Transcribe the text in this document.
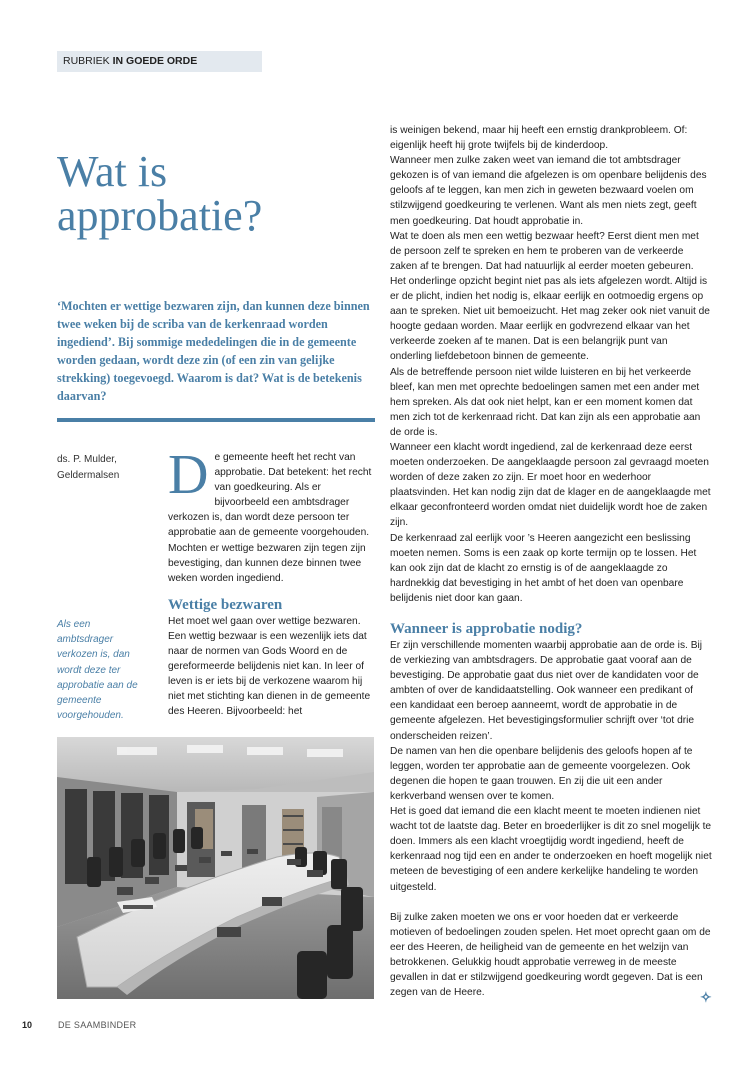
RUBRIEK IN GOEDE ORDE
Wat is approbatie?

‘Mochten er wettige bezwaren zijn, dan kunnen deze binnen twee weken bij de scriba van de kerkenraad worden ingediend’. Bij sommige mededelingen die in de gemeente worden gedaan, wordt deze zin (of een zin van gelijke strekking) toegevoegd. Waarom is dat? Wat is de betekenis daarvan?

ds. P. Mulder,
Geldermalsen

Als een ambtsdrager verkozen is, dan wordt deze ter approbatie aan de gemeente voorgehouden.

De gemeente heeft het recht van approbatie. Dat betekent: het recht van goedkeuring. Als er bijvoorbeeld een ambtsdrager verkozen is, dan wordt deze persoon ter approbatie aan de gemeente voorgehouden. Mochten er wettige bezwaren zijn tegen zijn bevestiging, dan kunnen deze binnen twee weken worden ingediend.

Wettige bezwaren

Het moet wel gaan over wettige bezwaren. Een wettig bezwaar is een wezenlijk iets dat naar de normen van Gods Woord en de gereformeerde belijdenis niet kan. In leer of leven is er iets bij de verkozene waarom hij niet met stichting kan dienen in de gemeente des Heeren. Bijvoorbeeld: het

is weinigen bekend, maar hij heeft een ernstig drankprobleem. Of: eigenlijk heeft hij grote twijfels bij de kinderdoop.

Wanneer men zulke zaken weet van iemand die tot ambtsdrager gekozen is of van iemand die afgelezen is om openbare belijdenis des geloofs af te leggen, kan men zich in geweten bezwaard voelen om stilzwijgend goedkeuring te verlenen. Want als men niets zegt, geeft men goedkeuring. Dat houdt approbatie in.

Wat te doen als men een wettig bezwaar heeft? Eerst dient men met de persoon zelf te spreken en hem te proberen van de verkeerde zaken af te brengen. Dat had natuurlijk al eerder moeten gebeuren. Het onderlinge opzicht begint niet pas als iets afgelezen wordt. Altijd is er de plicht, indien het nodig is, elkaar eerlijk en ootmoedig ergens op aan te spreken. Niet uit bemoeizucht. Het mag zeker ook niet vanuit de hoogte gedaan worden. Maar eerlijk en godvrezend elkaar van het verkeerde zoeken af te manen. Dat is een belangrijk punt van onderling liefdebetoon binnen de gemeente.

Als de betreffende persoon niet wilde luisteren en bij het verkeerde bleef, kan men met oprechte bedoelingen samen met een ander met hem spreken. Als dat ook niet helpt, kan er een moment komen dat men zich tot de kerkenraad richt. Dat kan zijn als een approbatie aan de orde is.

Wanneer een klacht wordt ingediend, zal de kerkenraad deze eerst moeten onderzoeken. De aangeklaagde persoon zal gevraagd moeten worden of deze zaken zo zijn. Er moet hoor en wederhoor plaatsvinden. Het kan nodig zijn dat de klager en de aangeklaagde met elkaar geconfronteerd worden omdat niet duidelijk wordt hoe de zaken zijn.

De kerkenraad zal eerlijk voor ’s Heeren aangezicht een beslissing moeten nemen. Soms is een zaak op korte termijn op te lossen. Het kan ook zijn dat de klacht zo ernstig is of de aangeklaagde zo hardnekkig dat bevestiging in het ambt of het doen van openbare belijdenis niet door kan gaan.

Wanneer is approbatie nodig?

Er zijn verschillende momenten waarbij approbatie aan de orde is. Bij de verkiezing van ambtsdragers. De approbatie gaat vooraf aan de bevestiging. De approbatie gaat dus niet over de kandidaten voor de ambten of over de kandidaatstelling. Ook wanneer een predikant of een kandidaat een beroep aanneemt, wordt de approbatie in de gemeente afgelezen. Het bevestigingsformulier schrijft over ‘tot drie onderscheiden reizen’.

De namen van hen die openbare belijdenis des geloofs hopen af te leggen, worden ter approbatie aan de gemeente voorgelezen. Ook degenen die hopen te gaan trouwen. En zij die uit een ander kerkverband wensen over te komen.

Het is goed dat iemand die een klacht meent te moeten indienen niet wacht tot de laatste dag. Beter en broederlijker is dit zo snel mogelijk te doen. Immers als een klacht vroegtijdig wordt ingediend, heeft de kerkenraad nog tijd een en ander te onderzoeken en hoeft mogelijk niet meteen de bevestiging of een andere kerkelijke handeling te worden uitgesteld.

Bij zulke zaken moeten we ons er voor hoeden dat er verkeerde motieven of bedoelingen zouden spelen. Het moet oprecht gaan om de eer des Heeren, de heiligheid van de gemeente en het welzijn van betrokkenen. Gelukkig houdt approbatie verreweg in de meeste gevallen in dat er stilzwijgend goedkeuring wordt gegeven. Dat is een zegen van de Heere.	✧
10	DE SAAMBINDER
